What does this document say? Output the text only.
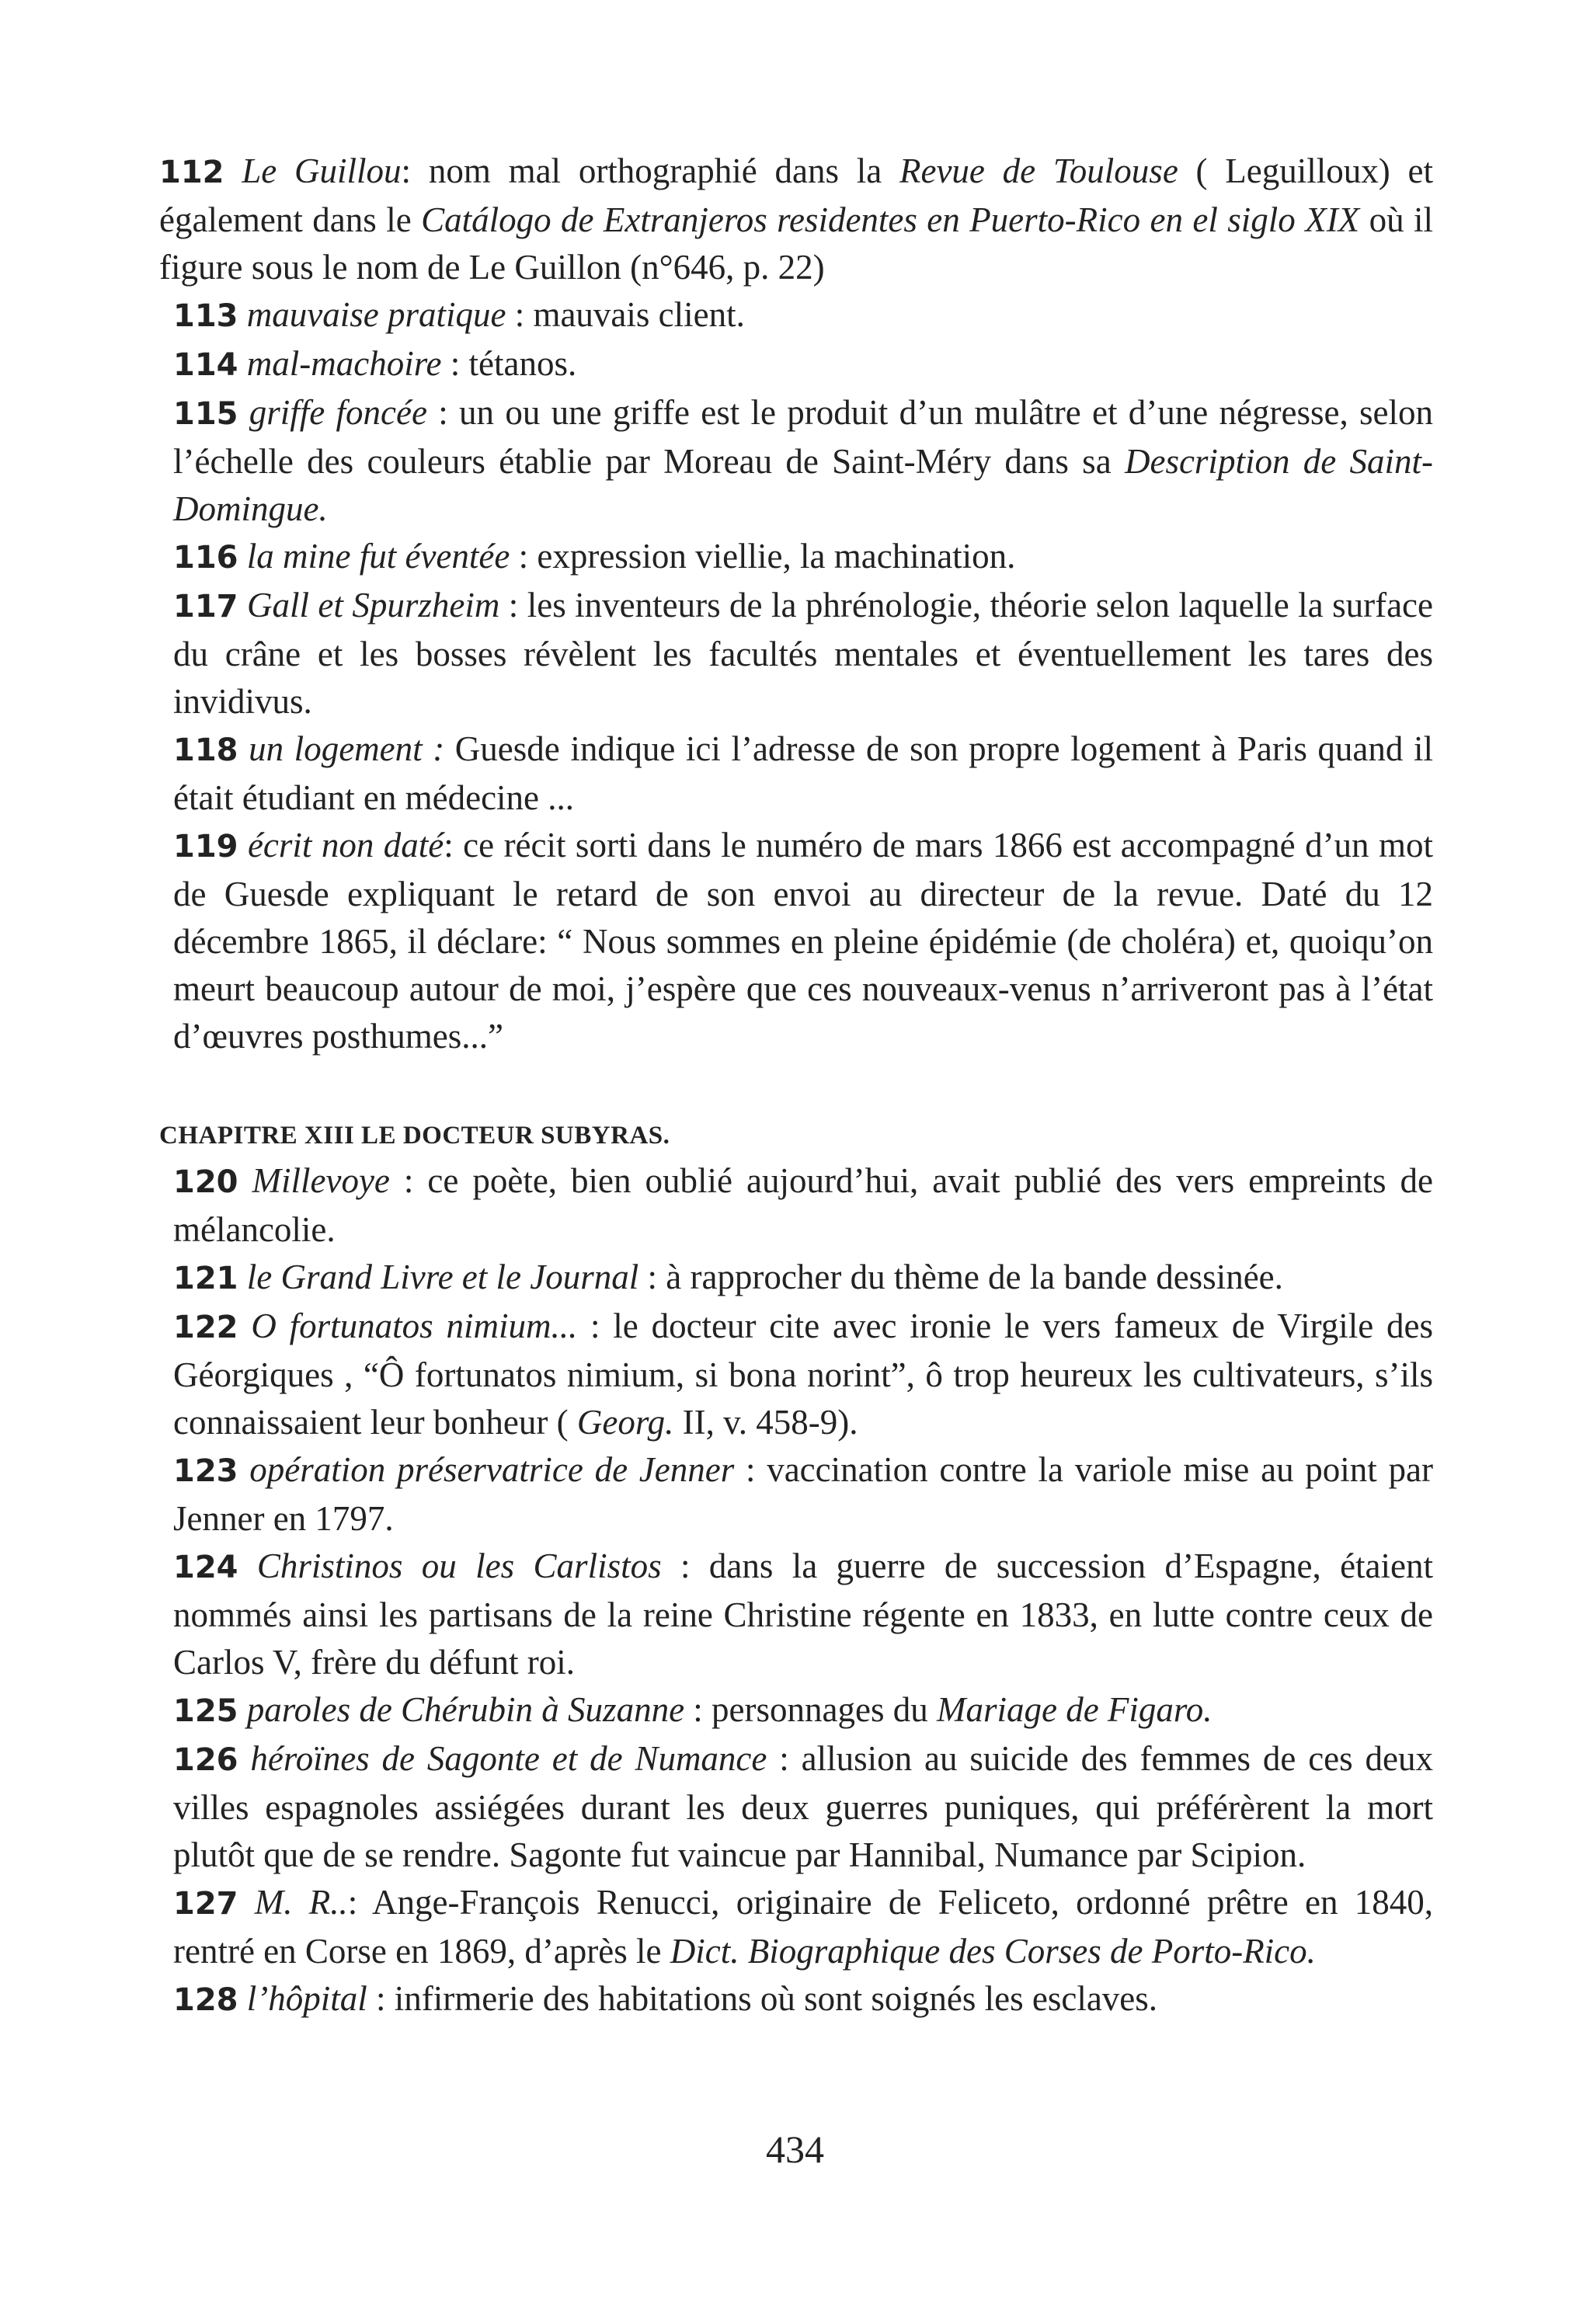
112 Le Guillou: nom mal orthographié dans la Revue de Toulouse ( Leguilloux) et également dans le Catálogo de Extranjeros residentes en Puerto-Rico en el siglo XIX où il figure sous le nom de Le Guillon (n°646, p. 22)

113 mauvaise pratique : mauvais client.

114 mal-machoire : tétanos.

115 griffe foncée : un ou une griffe est le produit d’un mulâtre et d’une négresse, selon l’échelle des couleurs établie par Moreau de Saint-Méry dans sa Description de Saint-Domingue.

116 la mine fut éventée : expression viellie, la machination.

117 Gall et Spurzheim : les inventeurs de la phrénologie, théorie selon laquelle la surface du crâne et les bosses révèlent les facultés mentales et éventuellement les tares des invidivus.

118 un logement : Guesde indique ici l’adresse de son propre logement à Paris quand il était étudiant en médecine ...

119 écrit non daté: ce récit sorti dans le numéro de mars 1866 est accompagné d’un mot de Guesde expliquant le retard de son envoi au directeur de la revue. Daté du 12 décembre 1865, il déclare: “ Nous sommes en pleine épidémie (de choléra) et, quoiqu’on meurt beaucoup autour de moi, j’espère que ces nouveaux-venus n’arriveront pas à l’état d’œuvres posthumes...”

CHAPITRE XIII LE DOCTEUR SUBYRAS.

120 Millevoye : ce poète, bien oublié aujourd’hui, avait publié des vers empreints de mélancolie.

121 le Grand Livre et le Journal : à rapprocher du thème de la bande dessinée.

122 O fortunatos nimium... : le docteur cite avec ironie le vers fameux de Virgile des Géorgiques , “Ô fortunatos nimium, si bona norint”, ô trop heureux les cultivateurs, s’ils connaissaient leur bonheur ( Georg. II, v. 458-9).

123 opération préservatrice de Jenner : vaccination contre la variole mise au point par Jenner en 1797.

124 Christinos ou les Carlistos : dans la guerre de succession d’Espagne, étaient nommés ainsi les partisans de la reine Christine régente en 1833, en lutte contre ceux de Carlos V, frère du défunt roi.

125 paroles de Chérubin à Suzanne : personnages du Mariage de Figaro.

126 héroïnes de Sagonte et de Numance : allusion au suicide des femmes de ces deux villes espagnoles assiégées durant les deux guerres puniques, qui préférèrent la mort plutôt que de se rendre. Sagonte fut vaincue par Hannibal, Numance par Scipion.

127 M. R..: Ange-François Renucci, originaire de Feliceto, ordonné prêtre en 1840, rentré en Corse en 1869, d’après le Dict. Biographique des Corses de Porto-Rico.

128 l’hôpital : infirmerie des habitations où sont soignés les esclaves.

434
